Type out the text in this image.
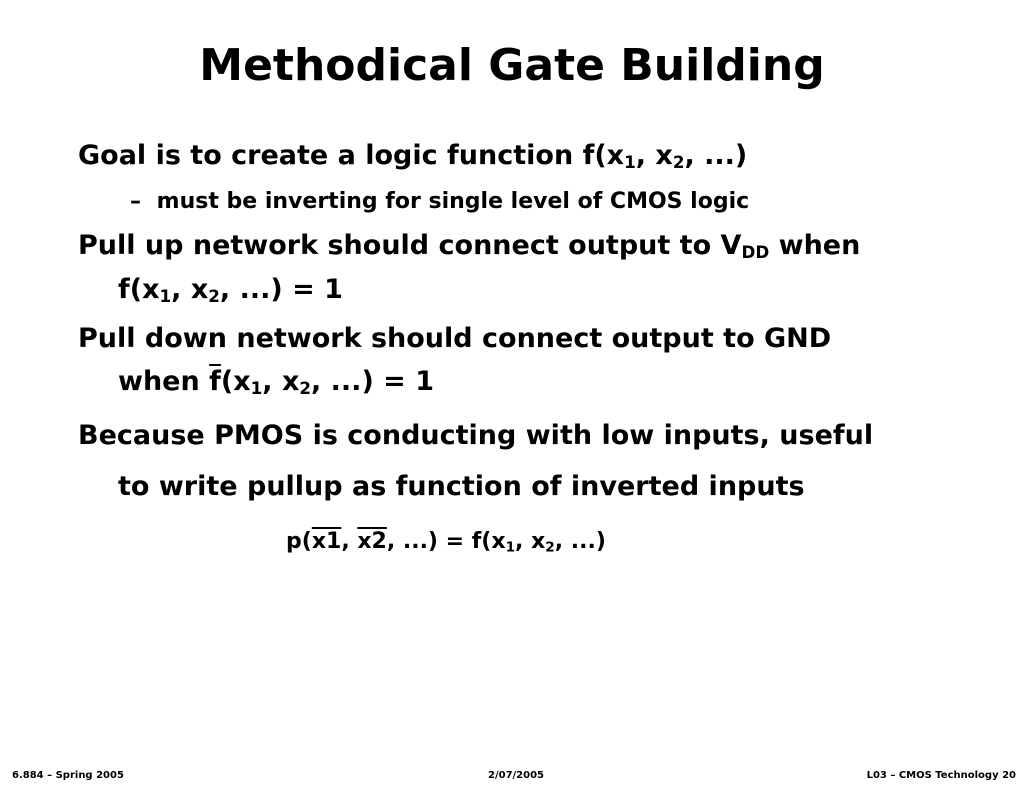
Methodical Gate Building
Goal is to create a logic function $f(x_1$, $x_2$, ...)
– must be inverting for single level of CMOS logic
Pull up network should connect output to $V_{DD}$ when
$f(x_1$, $x_2$, ...) = 1
Pull down network should connect output to GND
when $\overline{f}(x_1$, $x_2$, ...) = 1
Because PMOS is conducting with low inputs, useful
to write pullup as function of inverted inputs
p(x1, x2, ...) = $f(x_1$, $x_2$, ...)
6.884 – Spring 2005	2/07/2005	L03 – CMOS Technology 20
